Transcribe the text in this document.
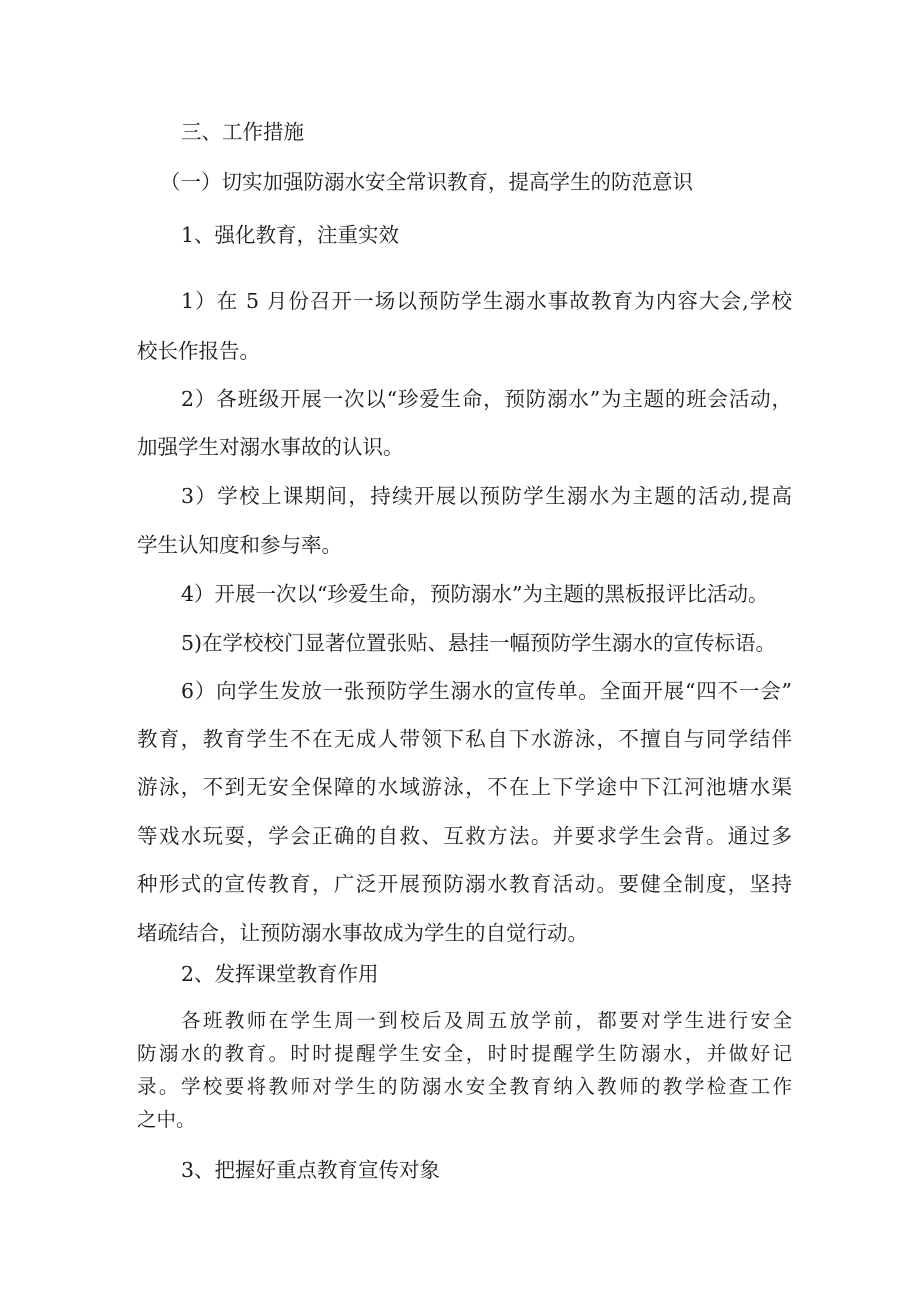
三、工作措施

（一）切实加强防溺水安全常识教育，提高学生的防范意识

1、强化教育，注重实效

1）在 5 月份召开一场以预防学生溺水事故教育为内容大会,学校

校长作报告。

2）各班级开展一次以“珍爱生命，预防溺水”为主题的班会活动，

加强学生对溺水事故的认识。

3）学校上课期间，持续开展以预防学生溺水为主题的活动,提高

学生认知度和参与率。

4）开展一次以“珍爱生命，预防溺水”为主题的黑板报评比活动。

5)在学校校门显著位置张贴、悬挂一幅预防学生溺水的宣传标语。

6）向学生发放一张预防学生溺水的宣传单。全面开展“四不一会”

教育，教育学生不在无成人带领下私自下水游泳，不擅自与同学结伴

游泳，不到无安全保障的水域游泳，不在上下学途中下江河池塘水渠

等戏水玩耍，学会正确的自救、互救方法。并要求学生会背。通过多

种形式的宣传教育，广泛开展预防溺水教育活动。要健全制度，坚持

堵疏结合，让预防溺水事故成为学生的自觉行动。

2、发挥课堂教育作用

各班教师在学生周一到校后及周五放学前，都要对学生进行安全

防溺水的教育。时时提醒学生安全，时时提醒学生防溺水，并做好记

录。学校要将教师对学生的防溺水安全教育纳入教师的教学检查工作

之中。

3、把握好重点教育宣传对象
